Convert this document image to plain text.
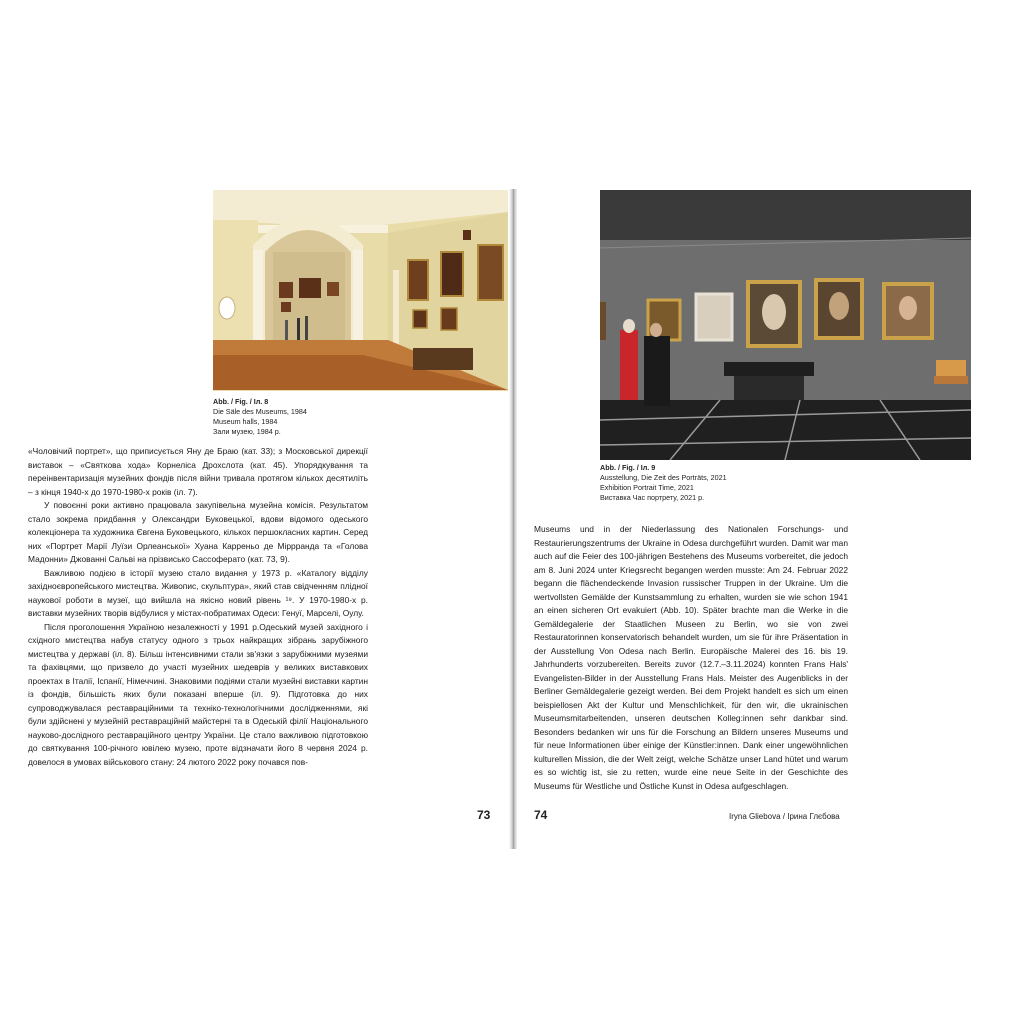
Abb. / Fig. / Іл. 8
Die Säle des Museums, 1984
Museum halls, 1984
Зали музею, 1984 р.

«Чоловічий портрет», що приписується Яну де Браю (кат. 33); з Московської дирекції виставок – «Святкова хода» Корнеліса Дрохслота (кат. 45). Упорядкування та переінвентаризація музейних фондів після війни тривала протягом кількох десятиліть – з кінця 1940-х до 1970-1980-х років (іл. 7).

У повоєнні роки активно працювала закупівельна музейна комісія. Результатом стало зокрема придбання у Олександри Буковецької, вдови відомого одеського колекціонера та художника Євгена Буковецького, кількох першокласних картин. Серед них «Портрет Марії Луїзи Орлеанської» Хуана Карреньо де Міррранда та «Голова Мадонни» Джованні Сальві на прізвисько Сассоферато (кат. 73, 9).

Важливою подією в історії музею стало видання у 1973 р. «Каталогу відділу західноєвропейського мистецтва. Живопис, скульптура», який став свідченням плідної наукової роботи в музеї, що вийшла на якісно новий рівень ¹⁹. У 1970-1980-х р. виставки музейних творів відбулися у містах-побратимах Одеси: Генуї, Марселі, Оулу.

Після проголошення Україною незалежності у 1991 р.Одеський музей західного і східного мистецтва набув статусу одного з трьох найкращих зібрань зарубіжного мистецтва у державі (іл. 8). Більш інтенсивними стали зв'язки з зарубіжними музеями та фахівцями, що призвело до участі музейних шедеврів у великих виставкових проектах в Італії, Іспанії, Німеччині. Знаковими подіями стали музейні виставки картин із фондів, більшість яких були показані вперше (іл. 9). Підготовка до них супроводжувалася реставраційними та техніко-технологічними дослідженнями, які були здійснені у музейній реставраційній майстерні та в Одеській філії Національного науково-дослідного реставраційного центру України. Це стало важливою підготовкою до святкування 100-річного ювілею музею, проте відзначати його 8 червня 2024 р. довелося в умовах військового стану: 24 лютого 2022 року почався пов-

73
Abb. / Fig. / Іл. 9
Ausstellung, Die Zeit des Porträts, 2021
Exhibition Portrait Time, 2021
Виставка Час портрету, 2021 р.

Museums und in der Niederlassung des Nationalen Forschungs- und Restaurierungszentrums der Ukraine in Odesa durchgeführt wurden. Damit war man auch auf die Feier des 100-jährigen Bestehens des Museums vorbereitet, die jedoch am 8. Juni 2024 unter Kriegsrecht begangen werden musste: Am 24. Februar 2022 begann die flächendeckende Invasion russischer Truppen in der Ukraine. Um die wertvollsten Gemälde der Kunstsammlung zu erhalten, wurden sie wie schon 1941 an einen sicheren Ort evakuiert (Abb. 10). Später brachte man die Werke in die Gemäldegalerie der Staatlichen Museen zu Berlin, wo sie von zwei Restauratorinnen konservatorisch behandelt wurden, um sie für ihre Präsentation in der Ausstellung Von Odesa nach Berlin. Europäische Malerei des 16. bis 19. Jahrhunderts vorzubereiten. Bereits zuvor (12.7.–3.11.2024) konnten Frans Hals' Evangelisten-Bilder in der Ausstellung Frans Hals. Meister des Augenblicks in der Berliner Gemäldegalerie gezeigt werden. Bei dem Projekt handelt es sich um einen beispiellosen Akt der Kultur und Menschlichkeit, für den wir, die ukrainischen Museumsmitarbeitenden, unseren deutschen Kolleg:innen sehr dankbar sind. Besonders bedanken wir uns für die Forschung an Bildern unseres Museums und für neue Informationen über einige der Künstler:innen. Dank einer ungewöhnlichen kulturellen Mission, die der Welt zeigt, welche Schätze unser Land hütet und warum es so wichtig ist, sie zu retten, wurde eine neue Seite in der Geschichte des Museums für Westliche und Östliche Kunst in Odesa aufgeschlagen.

74	Iryna Gliebova / Ірина Глєбова
